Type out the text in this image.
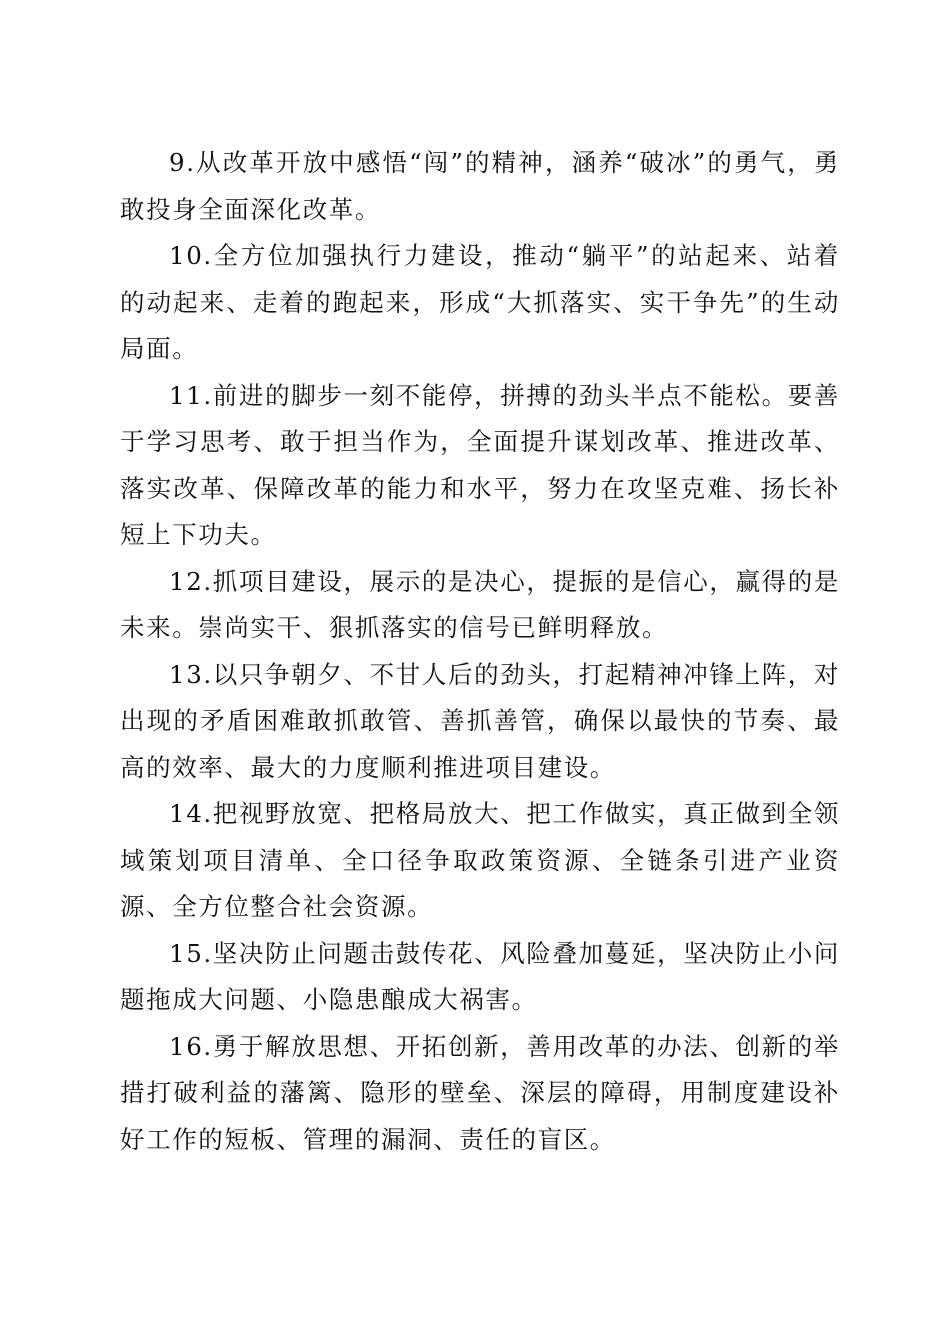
9.从改革开放中感悟“闯”的精神，涵养“破冰”的勇气，勇敢投身全面深化改革。

10.全方位加强执行力建设，推动“躺平”的站起来、站着的动起来、走着的跑起来，形成“大抓落实、实干争先”的生动局面。

11.前进的脚步一刻不能停，拼搏的劲头半点不能松。要善于学习思考、敢于担当作为，全面提升谋划改革、推进改革、落实改革、保障改革的能力和水平，努力在攻坚克难、扬长补短上下功夫。

12.抓项目建设，展示的是决心，提振的是信心，赢得的是未来。崇尚实干、狠抓落实的信号已鲜明释放。

13.以只争朝夕、不甘人后的劲头，打起精神冲锋上阵，对出现的矛盾困难敢抓敢管、善抓善管，确保以最快的节奏、最高的效率、最大的力度顺利推进项目建设。

14.把视野放宽、把格局放大、把工作做实，真正做到全领域策划项目清单、全口径争取政策资源、全链条引进产业资源、全方位整合社会资源。

15.坚决防止问题击鼓传花、风险叠加蔓延，坚决防止小问题拖成大问题、小隐患酿成大祸害。

16.勇于解放思想、开拓创新，善用改革的办法、创新的举措打破利益的藩篱、隐形的壁垒、深层的障碍，用制度建设补好工作的短板、管理的漏洞、责任的盲区。
